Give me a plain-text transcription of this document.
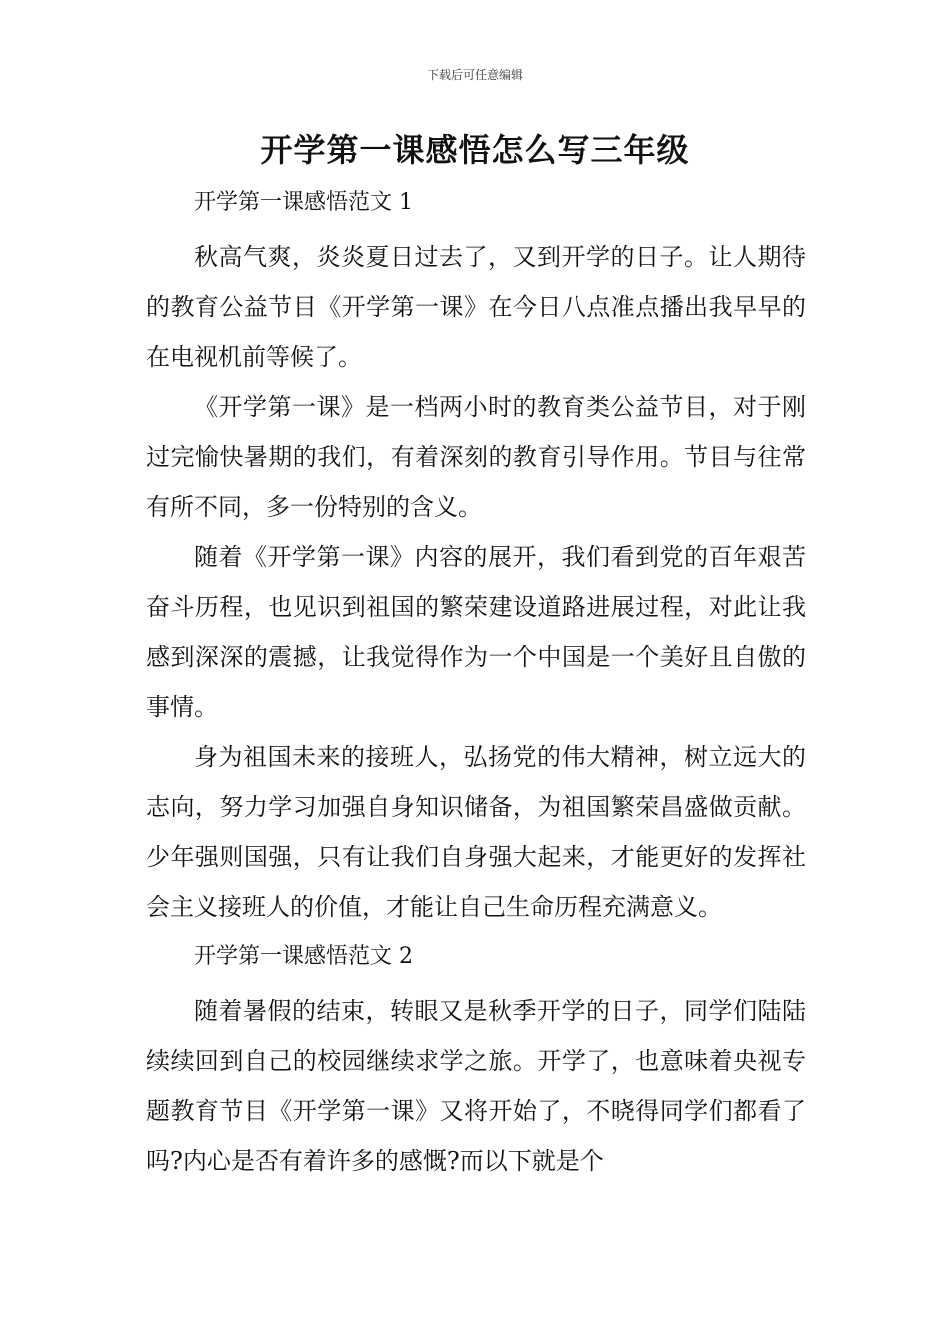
下载后可任意编辑
开学第一课感悟怎么写三年级

开学第一课感悟范文 1

秋高气爽，炎炎夏日过去了，又到开学的日子。让人期待的教育公益节目《开学第一课》在今日八点准点播出我早早的在电视机前等候了。

《开学第一课》是一档两小时的教育类公益节目，对于刚过完愉快暑期的我们，有着深刻的教育引导作用。节目与往常有所不同，多一份特别的含义。

随着《开学第一课》内容的展开，我们看到党的百年艰苦奋斗历程，也见识到祖国的繁荣建设道路进展过程，对此让我感到深深的震撼，让我觉得作为一个中国是一个美好且自傲的事情。

身为祖国未来的接班人，弘扬党的伟大精神，树立远大的志向，努力学习加强自身知识储备，为祖国繁荣昌盛做贡献。少年强则国强，只有让我们自身强大起来，才能更好的发挥社会主义接班人的价值，才能让自己生命历程充满意义。

开学第一课感悟范文 2

随着暑假的结束，转眼又是秋季开学的日子，同学们陆陆续续回到自己的校园继续求学之旅。开学了，也意味着央视专题教育节目《开学第一课》又将开始了，不晓得同学们都看了吗?内心是否有着许多的感慨?而以下就是个
